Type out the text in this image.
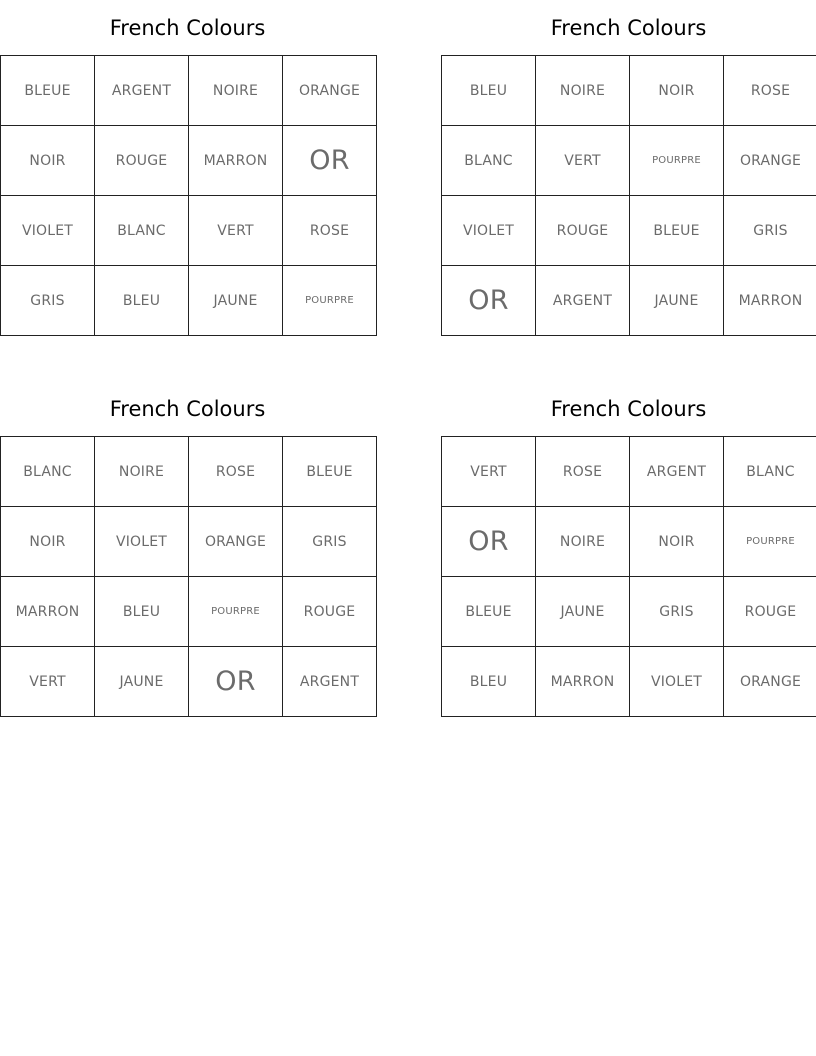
French Colours
BLEUE	ARGENT	NOIRE	ORANGE
NOIR	ROUGE	MARRON	OR
VIOLET	BLANC	VERT	ROSE
GRIS	BLEU	JAUNE	POURPRE
French Colours
BLEU	NOIRE	NOIR	ROSE
BLANC	VERT	POURPRE	ORANGE
VIOLET	ROUGE	BLEUE	GRIS
OR	ARGENT	JAUNE	MARRON
French Colours
BLANC	NOIRE	ROSE	BLEUE
NOIR	VIOLET	ORANGE	GRIS
MARRON	BLEU	POURPRE	ROUGE
VERT	JAUNE	OR	ARGENT
French Colours
VERT	ROSE	ARGENT	BLANC
OR	NOIRE	NOIR	POURPRE
BLEUE	JAUNE	GRIS	ROUGE
BLEU	MARRON	VIOLET	ORANGE
